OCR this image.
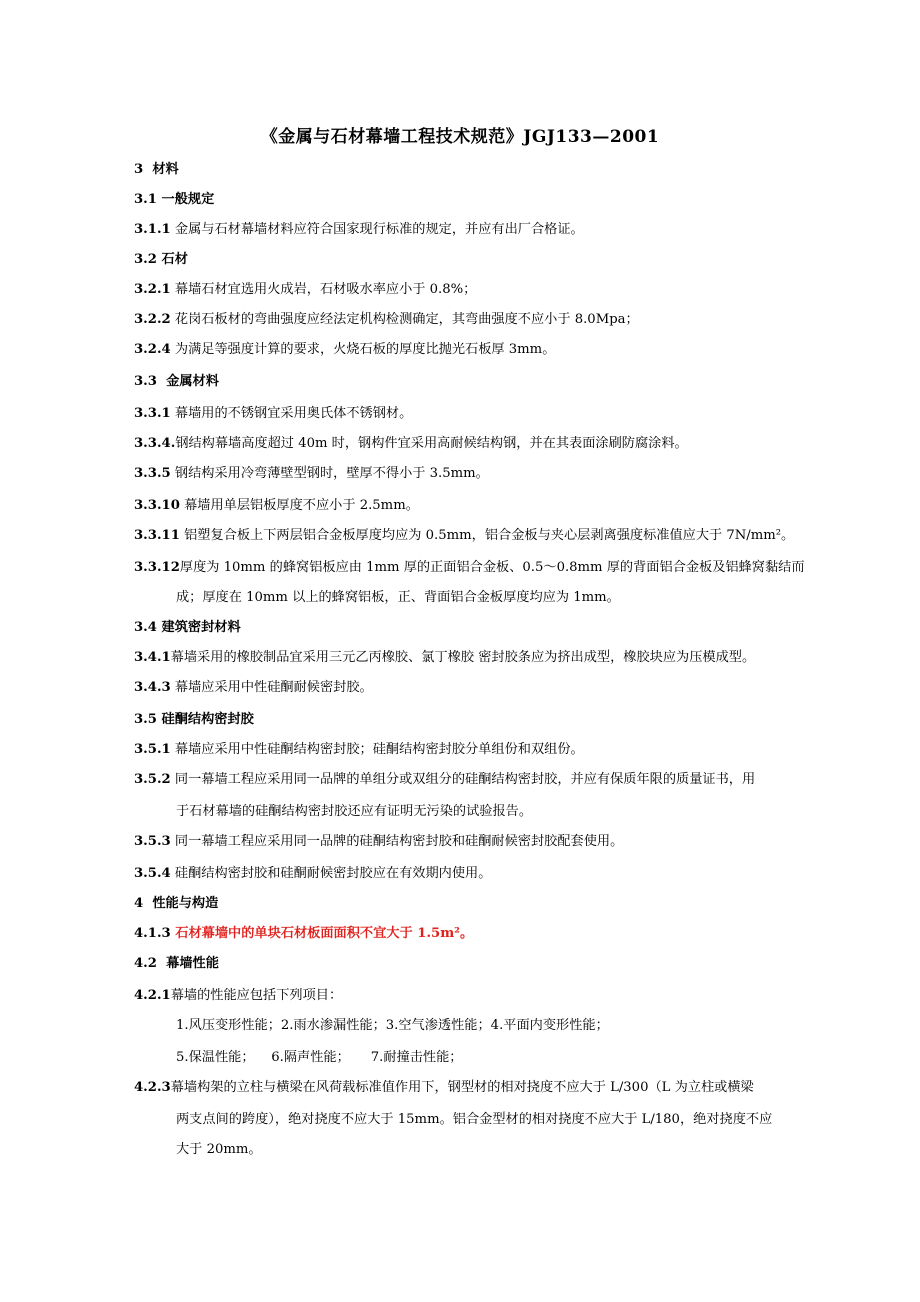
《金属与石材幕墙工程技术规范》JGJ133—2001
3  材料
3.1 一般规定
3.1.1 金属与石材幕墙材料应符合国家现行标准的规定，并应有出厂合格证。
3.2 石材
3.2.1 幕墙石材宜选用火成岩，石材吸水率应小于 0.8%；
3.2.2 花岗石板材的弯曲强度应经法定机构检测确定，其弯曲强度不应小于 8.0Mpa；
3.2.4 为满足等强度计算的要求，火烧石板的厚度比抛光石板厚 3mm。
3.3  金属材料
3.3.1 幕墙用的不锈钢宜采用奥氏体不锈钢材。
3.3.4.钢结构幕墙高度超过 40m 时，钢构件宜采用高耐候结构钢，并在其表面涂刷防腐涂料。
3.3.5 钢结构采用冷弯薄壁型钢时，壁厚不得小于 3.5mm。
3.3.10 幕墙用单层铝板厚度不应小于 2.5mm。
3.3.11 铝塑复合板上下两层铝合金板厚度均应为 0.5mm，铝合金板与夹心层剥离强度标准值应大于 7N/mm²。
3.3.12厚度为 10mm 的蜂窝铝板应由 1mm 厚的正面铝合金板、0.5～0.8mm 厚的背面铝合金板及铝蜂窝黏结而
成；厚度在 10mm 以上的蜂窝铝板，正、背面铝合金板厚度均应为 1mm。
3.4 建筑密封材料
3.4.1幕墙采用的橡胶制品宜采用三元乙丙橡胶、氯丁橡胶 密封胶条应为挤出成型，橡胶块应为压模成型。
3.4.3 幕墙应采用中性硅酮耐候密封胶。
3.5 硅酮结构密封胶
3.5.1 幕墙应采用中性硅酮结构密封胶；硅酮结构密封胶分单组份和双组份。
3.5.2 同一幕墙工程应采用同一品牌的单组分或双组分的硅酮结构密封胶，并应有保质年限的质量证书，用
于石材幕墙的硅酮结构密封胶还应有证明无污染的试验报告。
3.5.3 同一幕墙工程应采用同一品牌的硅酮结构密封胶和硅酮耐候密封胶配套使用。
3.5.4 硅酮结构密封胶和硅酮耐候密封胶应在有效期内使用。
4  性能与构造
4.1.3 石材幕墙中的单块石材板面面积不宜大于 1.5m²。
4.2  幕墙性能
4.2.1幕墙的性能应包括下列项目：
1.风压变形性能；2.雨水渗漏性能；3.空气渗透性能；4.平面内变形性能；
5.保温性能；    6.隔声性能；     7.耐撞击性能；
4.2.3幕墙构架的立柱与横梁在风荷载标准值作用下，钢型材的相对挠度不应大于 L/300（L 为立柱或横梁
两支点间的跨度），绝对挠度不应大于 15mm。铝合金型材的相对挠度不应大于 L/180，绝对挠度不应
大于 20mm。
